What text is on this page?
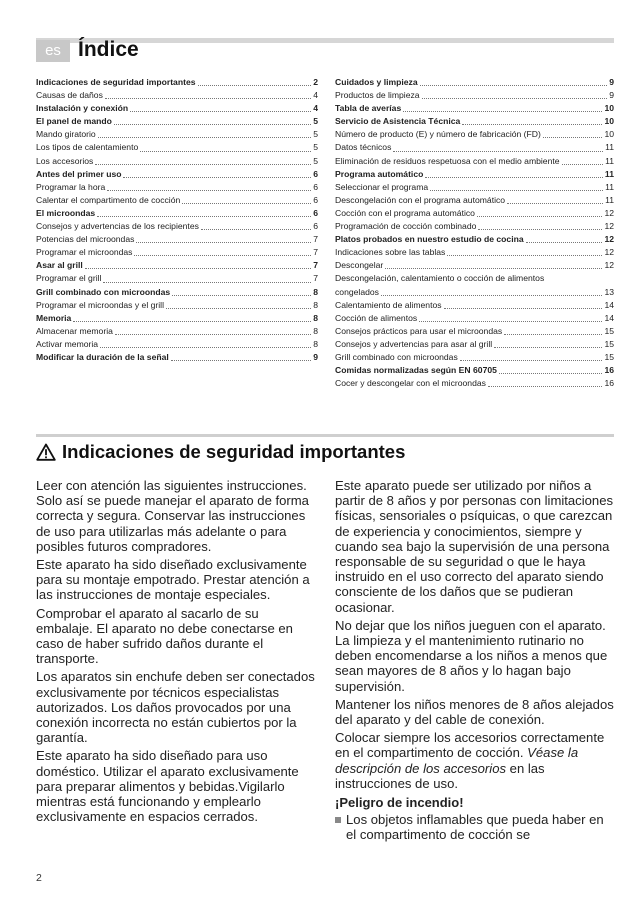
es Índice
Indicaciones de seguridad importantes	2
Causas de daños	4
Instalación y conexión	4
El panel de mando	5
Mando giratorio	5
Los tipos de calentamiento	5
Los accesorios	5
Antes del primer uso	6
Programar la hora	6
Calentar el compartimento de cocción	6
El microondas	6
Consejos y advertencias de los recipientes	6
Potencias del microondas	7
Programar el microondas	7
Asar al grill	7
Programar el grill	7
Grill combinado con microondas	8
Programar el microondas y el grill	8
Memoria	8
Almacenar memoria	8
Activar memoria	8
Modificar la duración de la señal	9
Cuidados y limpieza	9
Productos de limpieza	9
Tabla de averías	10
Servicio de Asistencia Técnica	10
Número de producto (E) y número de fabricación (FD)	10
Datos técnicos	11
Eliminación de residuos respetuosa con el medio ambiente	11
Programa automático	11
Seleccionar el programa	11
Descongelación con el programa automático	11
Cocción con el programa automático	12
Programación de cocción combinado	12
Platos probados en nuestro estudio de cocina	12
Indicaciones sobre las tablas	12
Descongelar	12
Descongelación, calentamiento o cocción de alimentos
congelados	13
Calentamiento de alimentos	14
Cocción de alimentos	14
Consejos prácticos para usar el microondas	15
Consejos y advertencias para asar al grill	15
Grill combinado con microondas	15
Comidas normalizadas según EN 60705	16
Cocer y descongelar con el microondas	16
Indicaciones de seguridad importantes

Leer con atención las siguientes instrucciones. Solo así se puede manejar el aparato de forma correcta y segura. Conservar las instrucciones de uso para utilizarlas más adelante o para posibles futuros compradores.

Este aparato ha sido diseñado exclusivamente para su montaje empotrado. Prestar atención a las instrucciones de montaje especiales.

Comprobar el aparato al sacarlo de su embalaje. El aparato no debe conectarse en caso de haber sufrido daños durante el transporte.

Los aparatos sin enchufe deben ser conectados exclusivamente por técnicos especialistas autorizados. Los daños provocados por una conexión incorrecta no están cubiertos por la garantía.

Este aparato ha sido diseñado para uso doméstico. Utilizar el aparato exclusivamente para preparar alimentos y bebidas.Vigilarlo mientras está funcionando y emplearlo exclusivamente en espacios cerrados.

Este aparato puede ser utilizado por niños a partir de 8 años y por personas con limitaciones físicas, sensoriales o psíquicas, o que carezcan de experiencia y conocimientos, siempre y cuando sea bajo la supervisión de una persona responsable de su seguridad o que le haya instruido en el uso correcto del aparato siendo consciente de los daños que se pudieran ocasionar.

No dejar que los niños jueguen con el aparato. La limpieza y el mantenimiento rutinario no deben encomendarse a los niños a menos que sean mayores de 8 años y lo hagan bajo supervisión.

Mantener los niños menores de 8 años alejados del aparato y del cable de conexión.

Colocar siempre los accesorios correctamente en el compartimento de cocción. Véase la descripción de los accesorios en las instrucciones de uso.

¡Peligro de incendio!
Los objetos inflamables que pueda haber en el compartimento de cocción se
2
